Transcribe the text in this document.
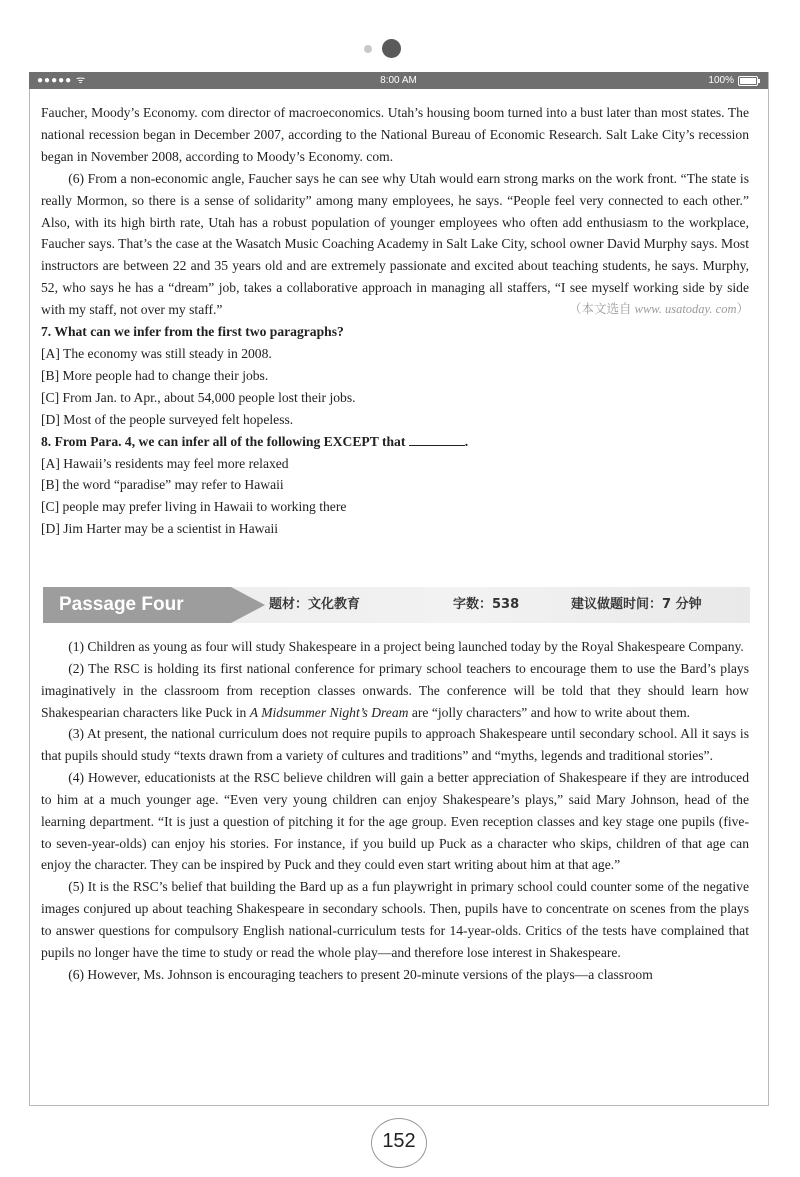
●●●●● ᯤ	8:00 AM	100%

Faucher, Moody’s Economy. com director of macroeconomics. Utah’s housing boom turned into a bust later than most states. The national recession began in December 2007, according to the National Bureau of Economic Research. Salt Lake City’s recession began in November 2008, according to Moody’s Economy. com.

(6) From a non-economic angle, Faucher says he can see why Utah would earn strong marks on the work front. “The state is really Mormon, so there is a sense of solidarity” among many employees, he says. “People feel very connected to each other.” Also, with its high birth rate, Utah has a robust population of younger employees who often add enthusiasm to the workplace, Faucher says. That’s the case at the Wasatch Music Coaching Academy in Salt Lake City, school owner David Murphy says. Most instructors are between 22 and 35 years old and are extremely passionate and excited about teaching students, he says. Murphy, 52, who says he has a “dream” job, takes a collaborative approach in managing all staffers, “I see myself working side by side with my staff, not over my staff.”	（本文选自 www. usatoday. com）

7. What can we infer from the first two paragraphs?

[A] The economy was still steady in 2008.

[B] More people had to change their jobs.

[C] From Jan. to Apr., about 54,000 people lost their jobs.

[D] Most of the people surveyed felt hopeless.

8. From Para. 4, we can infer all of the following EXCEPT that	.

[A] Hawaii’s residents may feel more relaxed

[B] the word “paradise” may refer to Hawaii

[C] people may prefer living in Hawaii to working there

[D] Jim Harter may be a scientist in Hawaii

Passage Four	题材：文化教育	字数：538	建议做题时间：7 分钟

(1) Children as young as four will study Shakespeare in a project being launched today by the Royal Shakespeare Company.

(2) The RSC is holding its first national conference for primary school teachers to encourage them to use the Bard’s plays imaginatively in the classroom from reception classes onwards. The conference will be told that they should learn how Shakespearian characters like Puck in A Midsummer Night’s Dream are “jolly characters” and how to write about them.

(3) At present, the national curriculum does not require pupils to approach Shakespeare until secondary school. All it says is that pupils should study “texts drawn from a variety of cultures and traditions” and “myths, legends and traditional stories”.

(4) However, educationists at the RSC believe children will gain a better appreciation of Shakespeare if they are introduced to him at a much younger age. “Even very young children can enjoy Shakespeare’s plays,” said Mary Johnson, head of the learning department. “It is just a question of pitching it for the age group. Even reception classes and key stage one pupils (five- to seven-year-olds) can enjoy his stories. For instance, if you build up Puck as a character who skips, children of that age can enjoy the character. They can be inspired by Puck and they could even start writing about him at that age.”

(5) It is the RSC’s belief that building the Bard up as a fun playwright in primary school could counter some of the negative images conjured up about teaching Shakespeare in secondary schools. Then, pupils have to concentrate on scenes from the plays to answer questions for compulsory English national-curriculum tests for 14-year-olds. Critics of the tests have complained that pupils no longer have the time to study or read the whole play—and therefore lose interest in Shakespeare.

(6) However, Ms. Johnson is encouraging teachers to present 20-minute versions of the plays—a classroom

152
